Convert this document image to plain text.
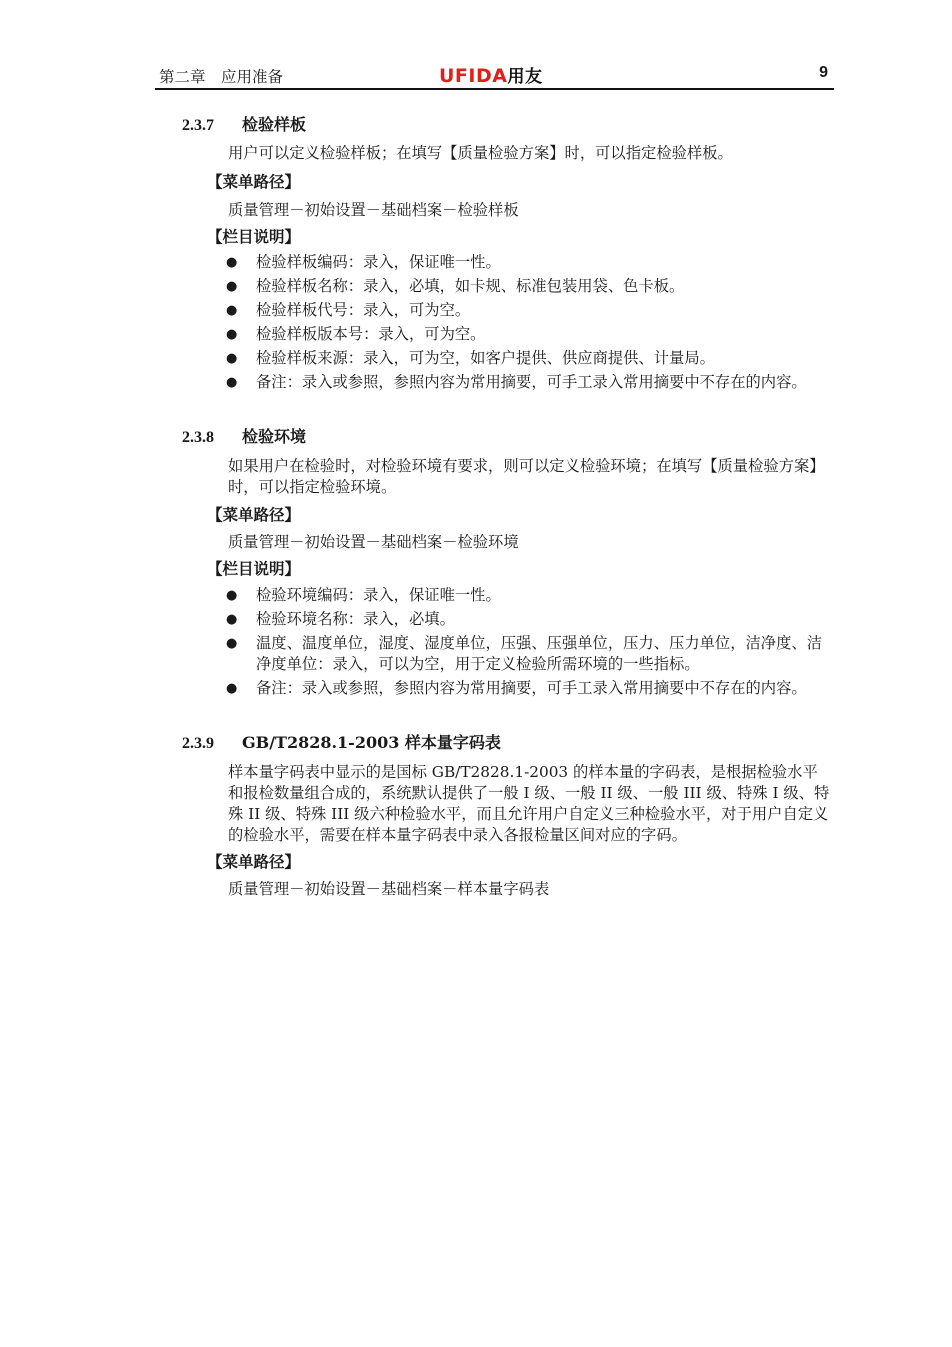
第二章　应用准备	UFIDA用友	9
2.3.7 检验样板
用户可以定义检验样板；在填写【质量检验方案】时，可以指定检验样板。
【菜单路径】
质量管理－初始设置－基础档案－检验样板
【栏目说明】
● 检验样板编码：录入，保证唯一性。
● 检验样板名称：录入，必填，如卡规、标准包装用袋、色卡板。
● 检验样板代号：录入，可为空。
● 检验样板版本号：录入，可为空。
● 检验样板来源：录入，可为空，如客户提供、供应商提供、计量局。
● 备注：录入或参照，参照内容为常用摘要，可手工录入常用摘要中不存在的内容。
2.3.8 检验环境
如果用户在检验时，对检验环境有要求，则可以定义检验环境；在填写【质量检验方案】时，可以指定检验环境。
【菜单路径】
质量管理－初始设置－基础档案－检验环境
【栏目说明】
● 检验环境编码：录入，保证唯一性。
● 检验环境名称：录入，必填。
● 温度、温度单位，湿度、湿度单位，压强、压强单位，压力、压力单位，洁净度、洁净度单位：录入，可以为空，用于定义检验所需环境的一些指标。
● 备注：录入或参照，参照内容为常用摘要，可手工录入常用摘要中不存在的内容。
2.3.9 GB/T2828.1-2003 样本量字码表
样本量字码表中显示的是国标 GB/T2828.1-2003 的样本量的字码表，是根据检验水平和报检数量组合成的，系统默认提供了一般 I 级、一般 II 级、一般 III 级、特殊 I 级、特殊 II 级、特殊 III 级六种检验水平，而且允许用户自定义三种检验水平，对于用户自定义的检验水平，需要在样本量字码表中录入各报检量区间对应的字码。
【菜单路径】
质量管理－初始设置－基础档案－样本量字码表
